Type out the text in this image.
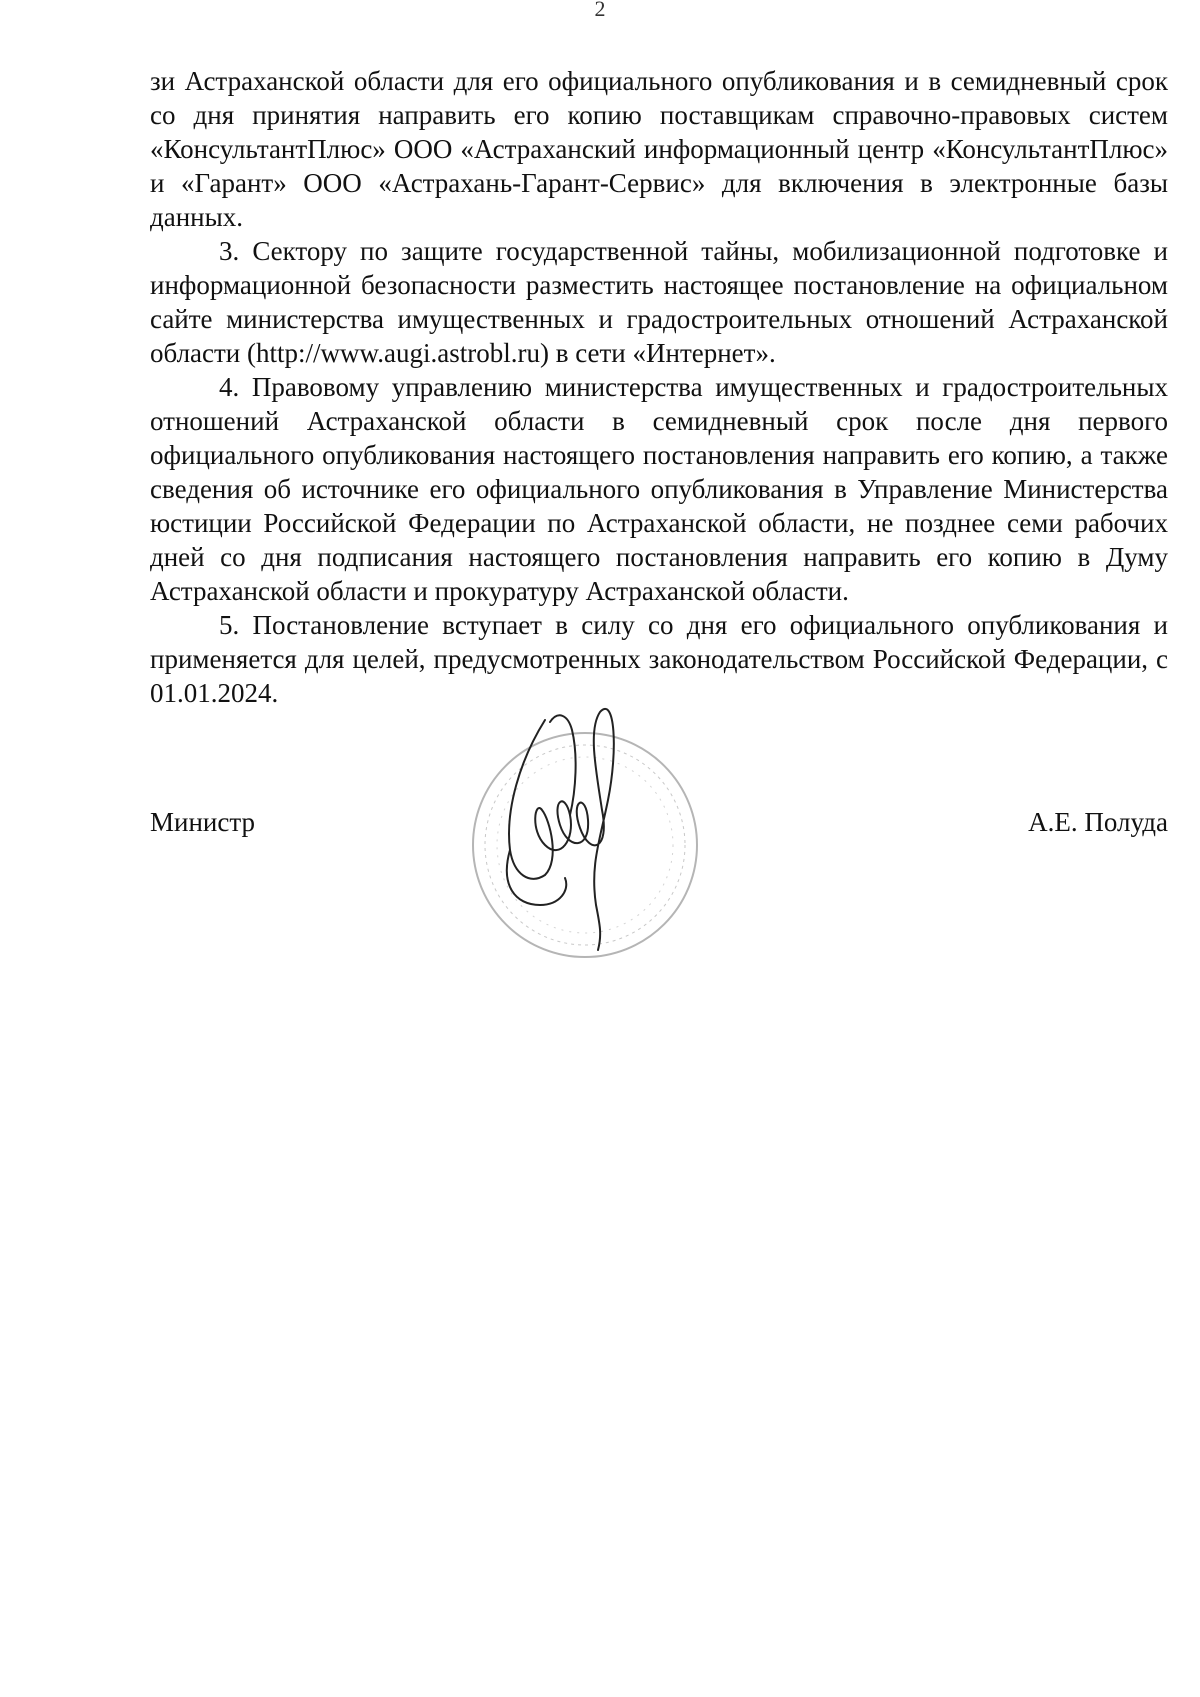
2

зи Астраханской области для его официального опубликования и в семидневный срок со дня принятия направить его копию поставщикам справочно-правовых систем «КонсультантПлюс» ООО «Астраханский информационный центр «КонсультантПлюс» и «Гарант» ООО «Астрахань-Гарант-Сервис» для включения в электронные базы данных.

3. Сектору по защите государственной тайны, мобилизационной подготовке и информационной безопасности разместить настоящее постановление на официальном сайте министерства имущественных и градостроительных отношений Астраханской области (http://www.augi.astrobl.ru) в сети «Интернет».

4. Правовому управлению министерства имущественных и градостроительных отношений Астраханской области в семидневный срок после дня первого официального опубликования настоящего постановления направить его копию, а также сведения об источнике его официального опубликования в Управление Министерства юстиции Российской Федерации по Астраханской области, не позднее семи рабочих дней со дня подписания настоящего постановления направить его копию в Думу Астраханской области и прокуратуру Астраханской области.

5. Постановление вступает в силу со дня его официального опубликования и применяется для целей, предусмотренных законодательством Российской Федерации, с 01.01.2024.

Министр	А.Е. Полуда
